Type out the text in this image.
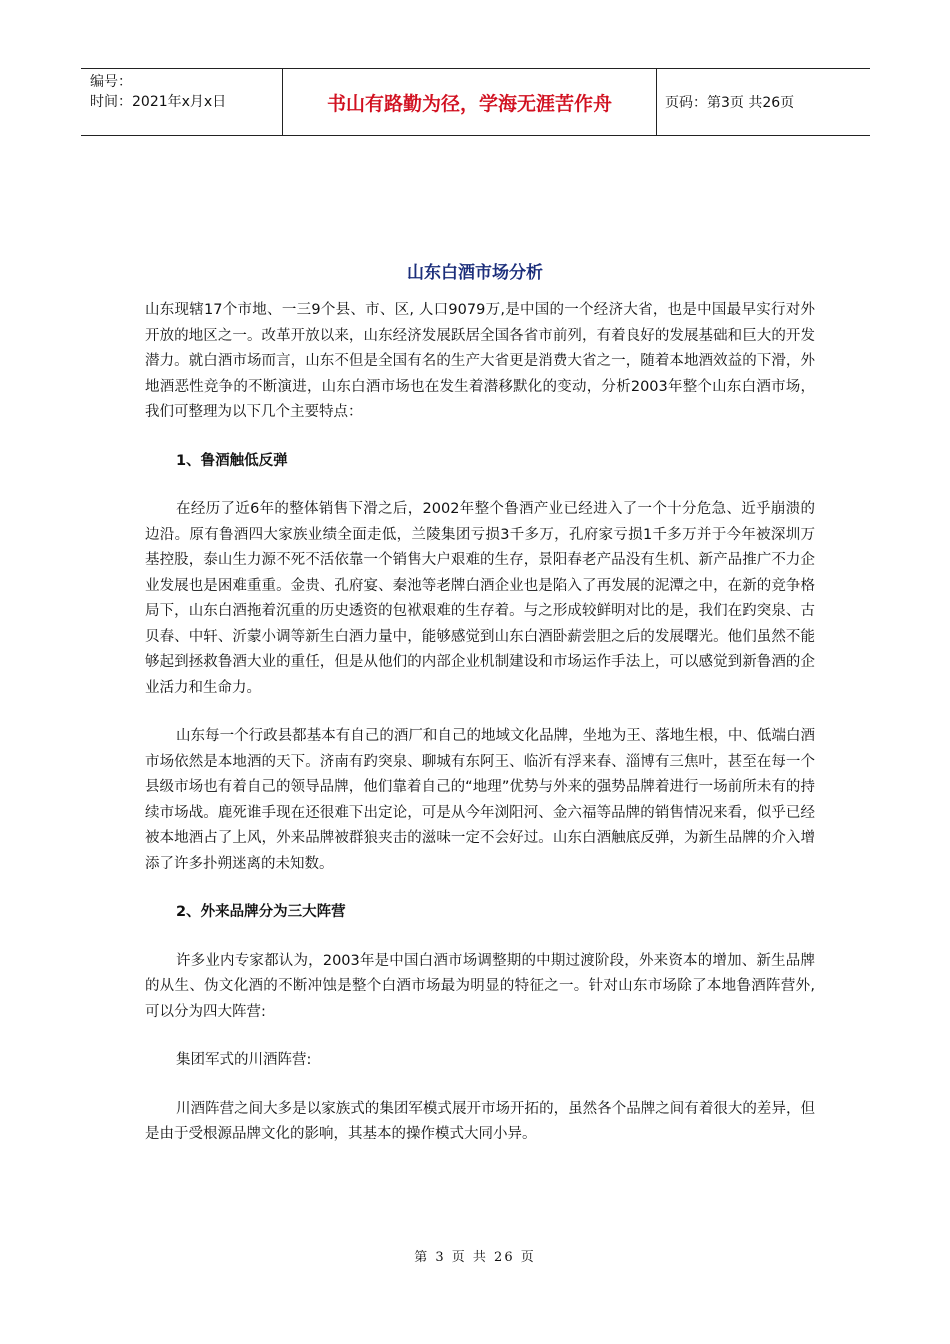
编号：
时间：2021年x月x日	书山有路勤为径，学海无涯苦作舟	页码：第3页 共26页
山东白酒市场分析

山东现辖17个市地、一三9个县、市、区, 人口9079万,是中国的一个经济大省，也是中国最早实行对外开放的地区之一。改革开放以来，山东经济发展跃居全国各省市前列，有着良好的发展基础和巨大的开发潜力。就白酒市场而言，山东不但是全国有名的生产大省更是消费大省之一，随着本地酒效益的下滑，外地酒恶性竞争的不断演进，山东白酒市场也在发生着潜移默化的变动，分析2003年整个山东白酒市场，我们可整理为以下几个主要特点：

1、鲁酒触低反弹

在经历了近6年的整体销售下滑之后，2002年整个鲁酒产业已经进入了一个十分危急、近乎崩溃的边沿。原有鲁酒四大家族业绩全面走低，兰陵集团亏损3千多万，孔府家亏损1千多万并于今年被深圳万基控股，泰山生力源不死不活依靠一个销售大户艰难的生存，景阳春老产品没有生机、新产品推广不力企业发展也是困难重重。金贵、孔府宴、秦池等老牌白酒企业也是陷入了再发展的泥潭之中，在新的竞争格局下，山东白酒拖着沉重的历史透资的包袱艰难的生存着。与之形成较鲜明对比的是，我们在趵突泉、古贝春、中轩、沂蒙小调等新生白酒力量中，能够感觉到山东白酒卧薪尝胆之后的发展曙光。他们虽然不能够起到拯救鲁酒大业的重任，但是从他们的内部企业机制建设和市场运作手法上，可以感觉到新鲁酒的企业活力和生命力。

山东每一个行政县都基本有自己的酒厂和自己的地域文化品牌，坐地为王、落地生根，中、低端白酒市场依然是本地酒的天下。济南有趵突泉、聊城有东阿王、临沂有浮来春、淄博有三焦叶，甚至在每一个县级市场也有着自己的领导品牌，他们靠着自己的“地理”优势与外来的强势品牌着进行一场前所未有的持续市场战。鹿死谁手现在还很难下出定论，可是从今年浏阳河、金六福等品牌的销售情况来看，似乎已经被本地酒占了上风，外来品牌被群狼夹击的滋味一定不会好过。山东白酒触底反弹，为新生品牌的介入增添了许多扑朔迷离的未知数。

2、外来品牌分为三大阵营

许多业内专家都认为，2003年是中国白酒市场调整期的中期过渡阶段，外来资本的增加、新生品牌的从生、伪文化酒的不断冲蚀是整个白酒市场最为明显的特征之一。针对山东市场除了本地鲁酒阵营外,可以分为四大阵营:

集团军式的川酒阵营:

川酒阵营之间大多是以家族式的集团军模式展开市场开拓的，虽然各个品牌之间有着很大的差异，但是由于受根源品牌文化的影响，其基本的操作模式大同小异。

第 3 页 共 26 页
